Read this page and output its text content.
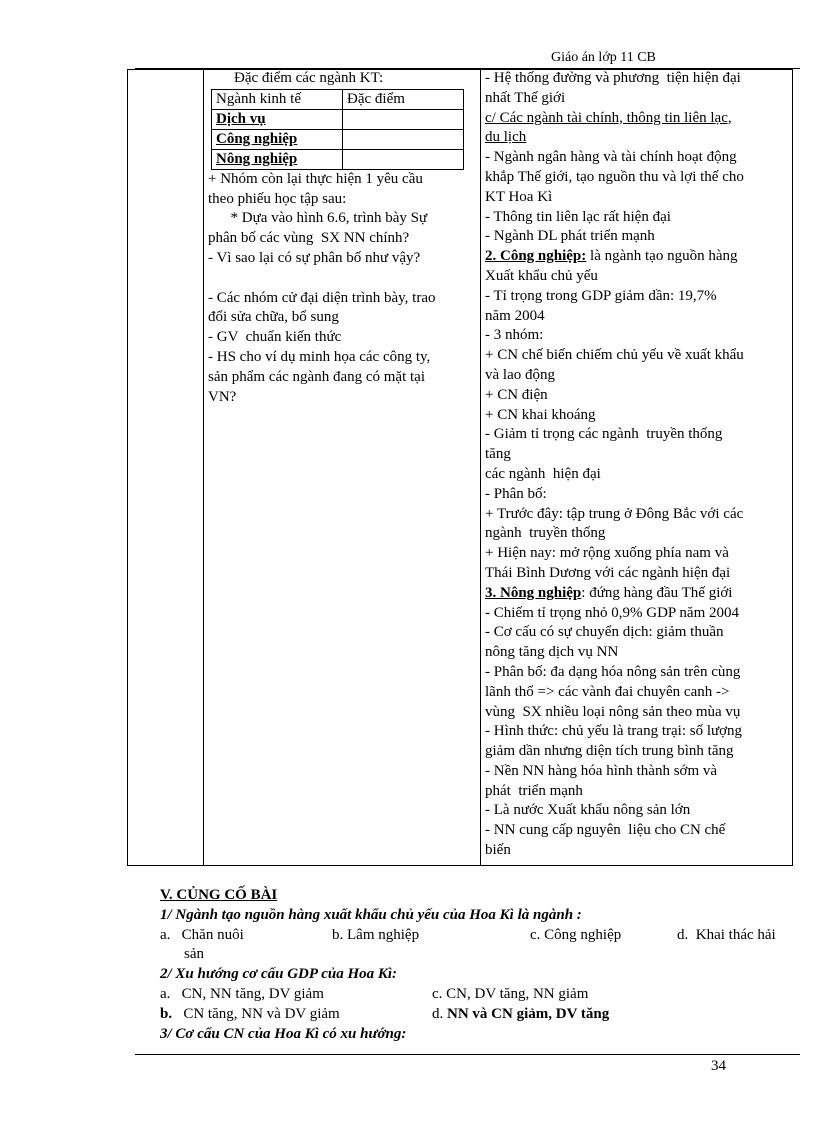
Giáo án lớp 11 CB
Đặc điểm các ngành KT:
Ngành kinh tế	Đặc điểm
Dịch vụ	
Công nghiệp	
Nông nghiệp	
+ Nhóm còn lại thực hiện 1 yêu cầu
theo phiếu học tập sau:
* Dựa vào hình 6.6, trình bày Sự
phân bố các vùng  SX NN chính?
- Vì sao lại có sự phân bố như vậy?
- Các nhóm cử đại diện trình bày, trao
đổi sửa chữa, bổ sung
- GV  chuẩn kiến thức
- HS cho ví dụ minh họa các công ty,
sản phẩm các ngành đang có mặt tại
VN?
- Hệ thống đường và phương  tiện hiện đại
nhất Thế giới
c/ Các ngành tài chính, thông tin liên lạc,
du lịch
- Ngành ngân hàng và tài chính hoạt động
khắp Thế giới, tạo nguồn thu và lợi thế cho
KT Hoa Kì
- Thông tin liên lạc rất hiện đại
- Ngành DL phát triển mạnh
2. Công nghiệp: là ngành tạo nguồn hàng
Xuất khẩu chủ yếu
- Tỉ trọng trong GDP giảm dần: 19,7%
năm 2004
- 3 nhóm:
+ CN chế biến chiếm chủ yếu về xuất khẩu
và lao động
+ CN điện
+ CN khai khoáng
- Giảm tỉ trọng các ngành  truyền thống
tăng
các ngành  hiện đại
- Phân bố:
+ Trước đây: tập trung ở Đông Bắc với các
ngành  truyền thống
+ Hiện nay: mở rộng xuống phía nam và
Thái Bình Dương với các ngành hiện đại
3. Nông nghiệp: đứng hàng đầu Thế giới
- Chiếm tỉ trọng nhỏ 0,9% GDP năm 2004
- Cơ cấu có sự chuyển dịch: giảm thuần
nông tăng dịch vụ NN
- Phân bố: đa dạng hóa nông sản trên cùng
lãnh thổ => các vành đai chuyên canh ->
vùng  SX nhiều loại nông sản theo mùa vụ
- Hình thức: chủ yếu là trang trại: số lượng
giảm dần nhưng diện tích trung bình tăng
- Nền NN hàng hóa hình thành sớm và
phát  triển mạnh
- Là nước Xuất khẩu nông sản lớn
- NN cung cấp nguyên  liệu cho CN chế
biến
V. CỦNG CỐ BÀI
1/ Ngành tạo nguồn hàng xuất khẩu chủ yếu của Hoa Kì là ngành :
a.   Chăn nuôi	b. Lâm nghiệp	c. Công nghiệp	d.  Khai thác hải
sản
2/ Xu hướng cơ cấu GDP của Hoa Kì:
a.   CN, NN tăng, DV giảm	c. CN, DV tăng, NN giảm
b.   CN tăng, NN và DV giảm	d. NN và CN giảm, DV tăng
3/ Cơ cấu CN của Hoa Kì có xu hướng:
34
